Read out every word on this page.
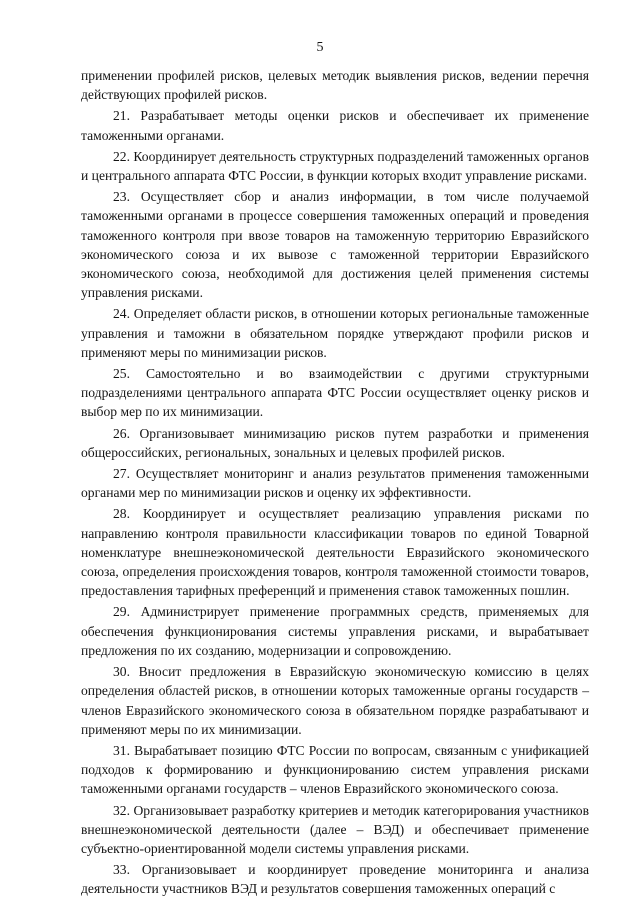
5

применении профилей рисков, целевых методик выявления рисков, ведении перечня действующих профилей рисков.

21. Разрабатывает методы оценки рисков и обеспечивает их применение таможенными органами.

22. Координирует деятельность структурных подразделений таможенных органов и центрального аппарата ФТС России, в функции которых входит управление рисками.

23. Осуществляет сбор и анализ информации, в том числе получаемой таможенными органами в процессе совершения таможенных операций и проведения таможенного контроля при ввозе товаров на таможенную территорию Евразийского экономического союза и их вывозе с таможенной территории Евразийского экономического союза, необходимой для достижения целей применения системы управления рисками.

24. Определяет области рисков, в отношении которых региональные таможенные управления и таможни в обязательном порядке утверждают профили рисков и применяют меры по минимизации рисков.

25. Самостоятельно и во взаимодействии с другими структурными подразделениями центрального аппарата ФТС России осуществляет оценку рисков и выбор мер по их минимизации.

26. Организовывает минимизацию рисков путем разработки и применения общероссийских, региональных, зональных и целевых профилей рисков.

27. Осуществляет мониторинг и анализ результатов применения таможенными органами мер по минимизации рисков и оценку их эффективности.

28. Координирует и осуществляет реализацию управления рисками по направлению контроля правильности классификации товаров по единой Товарной номенклатуре внешнеэкономической деятельности Евразийского экономического союза, определения происхождения товаров, контроля таможенной стоимости товаров, предоставления тарифных преференций и применения ставок таможенных пошлин.

29. Администрирует применение программных средств, применяемых для обеспечения функционирования системы управления рисками, и вырабатывает предложения по их созданию, модернизации и сопровождению.

30. Вносит предложения в Евразийскую экономическую комиссию в целях определения областей рисков, в отношении которых таможенные органы государств – членов Евразийского экономического союза в обязательном порядке разрабатывают и применяют меры по их минимизации.

31. Вырабатывает позицию ФТС России по вопросам, связанным с унификацией подходов к формированию и функционированию систем управления рисками таможенными органами государств – членов Евразийского экономического союза.

32. Организовывает разработку критериев и методик категорирования участников внешнеэкономической деятельности (далее – ВЭД) и обеспечивает применение субъектно-ориентированной модели системы управления рисками.

33. Организовывает и координирует проведение мониторинга и анализа деятельности участников ВЭД и результатов совершения таможенных операций с
